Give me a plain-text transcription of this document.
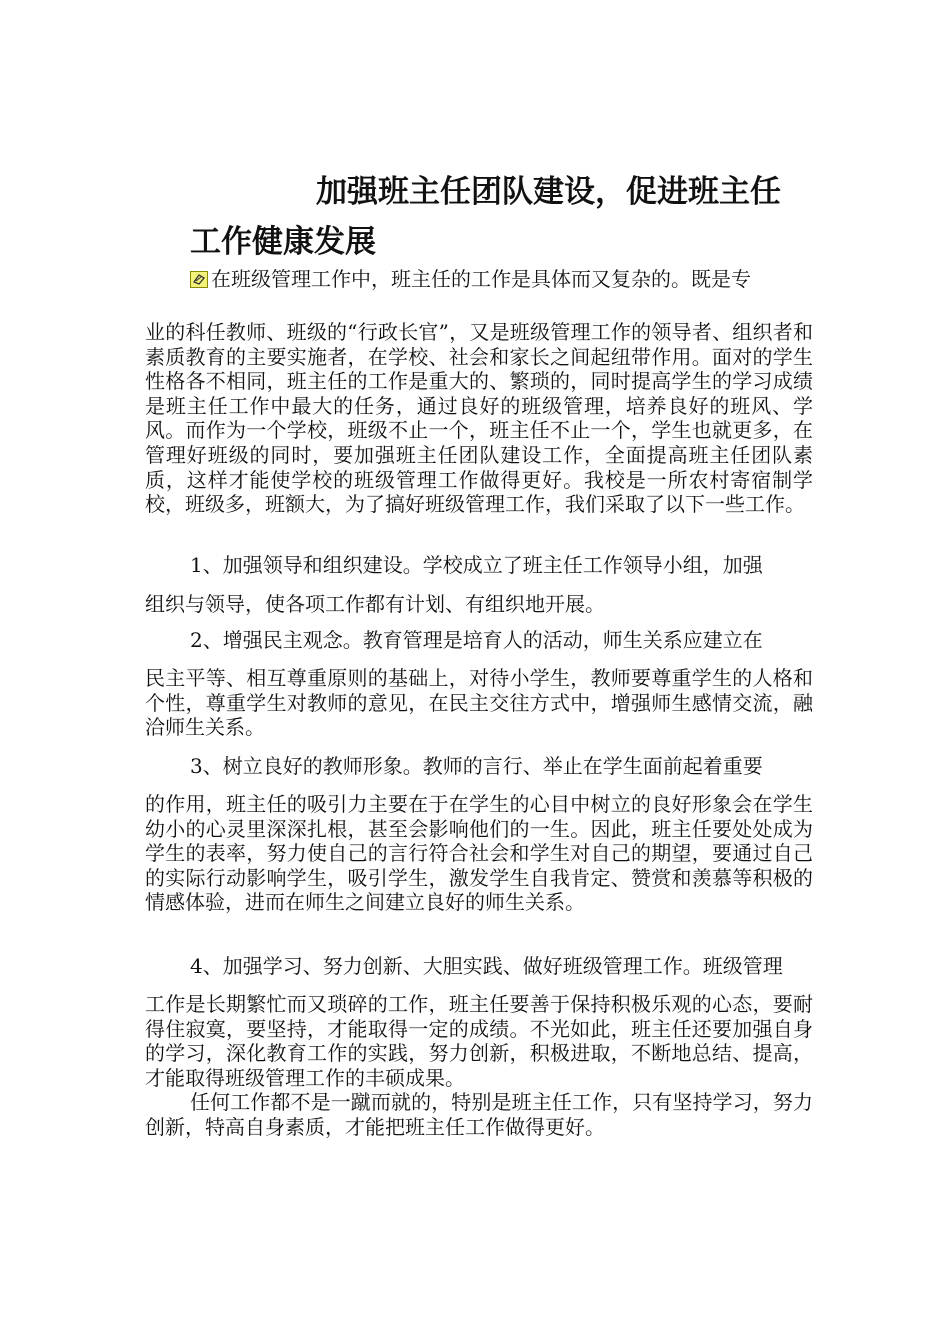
加强班主任团队建设，促进班主任
工作健康发展

在班级管理工作中，班主任的工作是具体而又复杂的。既是专

业的科任教师、班级的“行政长官”，又是班级管理工作的领导者、组织者和素质教育的主要实施者，在学校、社会和家长之间起纽带作用。面对的学生性格各不相同，班主任的工作是重大的、繁琐的，同时提高学生的学习成绩是班主任工作中最大的任务，通过良好的班级管理，培养良好的班风、学风。而作为一个学校，班级不止一个，班主任不止一个，学生也就更多，在管理好班级的同时，要加强班主任团队建设工作，全面提高班主任团队素质，这样才能使学校的班级管理工作做得更好。我校是一所农村寄宿制学校，班级多，班额大，为了搞好班级管理工作，我们采取了以下一些工作。

1、加强领导和组织建设。学校成立了班主任工作领导小组，加强

组织与领导，使各项工作都有计划、有组织地开展。

2、增强民主观念。教育管理是培育人的活动，师生关系应建立在

民主平等、相互尊重原则的基础上，对待小学生，教师要尊重学生的人格和个性，尊重学生对教师的意见，在民主交往方式中，增强师生感情交流，融洽师生关系。

3、树立良好的教师形象。教师的言行、举止在学生面前起着重要

的作用，班主任的吸引力主要在于在学生的心目中树立的良好形象会在学生幼小的心灵里深深扎根，甚至会影响他们的一生。因此，班主任要处处成为学生的表率，努力使自己的言行符合社会和学生对自己的期望，要通过自己的实际行动影响学生，吸引学生，激发学生自我肯定、赞赏和羡慕等积极的情感体验，进而在师生之间建立良好的师生关系。

4、加强学习、努力创新、大胆实践、做好班级管理工作。班级管理

工作是长期繁忙而又琐碎的工作，班主任要善于保持积极乐观的心态，要耐得住寂寞，要坚持，才能取得一定的成绩。不光如此，班主任还要加强自身的学习，深化教育工作的实践，努力创新，积极进取，不断地总结、提高，才能取得班级管理工作的丰硕成果。

任何工作都不是一蹴而就的，特别是班主任工作，只有坚持学习，努力创新，特高自身素质，才能把班主任工作做得更好。
